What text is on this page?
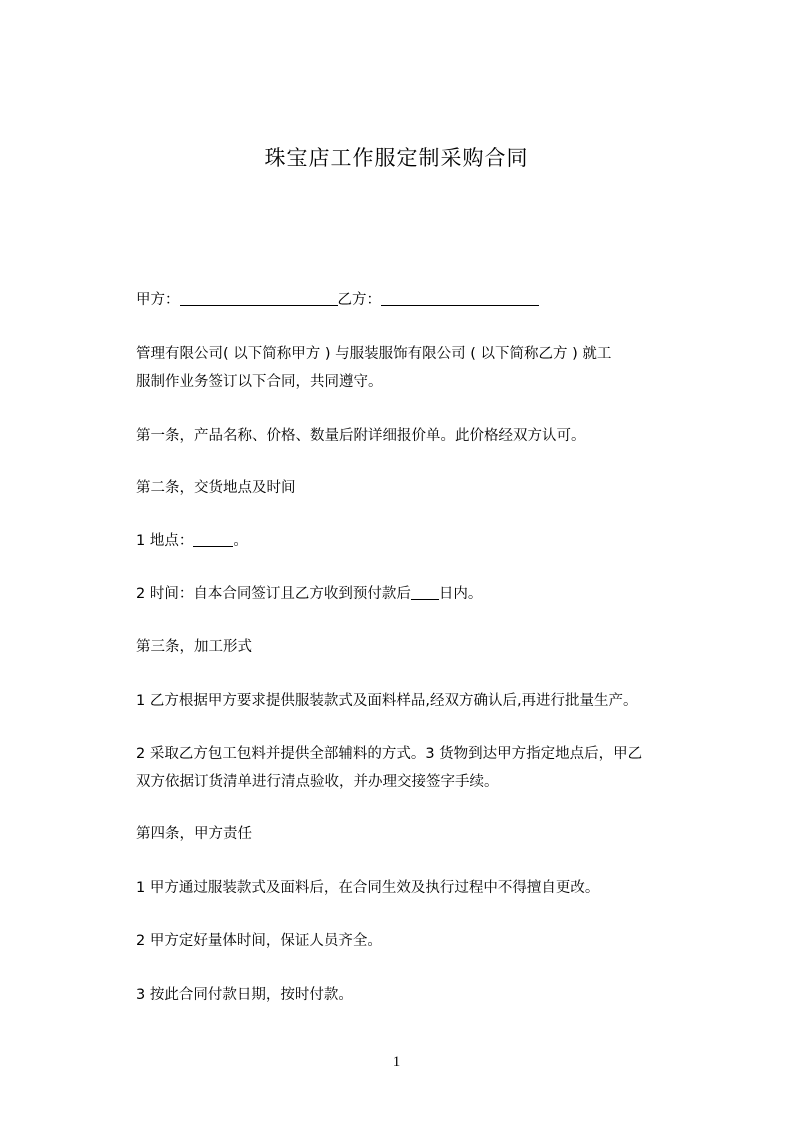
珠宝店工作服定制采购合同
甲方：	乙方：
管理有限公司( 以下简称甲方 ) 与服装服饰有限公司 ( 以下简称乙方 ) 就工
服制作业务签订以下合同，共同遵守。
第一条，产品名称、价格、数量后附详细报价单。此价格经双方认可。
第二条，交货地点及时间
1 地点：	。
2 时间：自本合同签订且乙方收到预付款后 日内。
第三条，加工形式
1 乙方根据甲方要求提供服装款式及面料样品,经双方确认后,再进行批量生产。
2 采取乙方包工包料并提供全部辅料的方式。3 货物到达甲方指定地点后，甲乙
双方依据订货清单进行清点验收，并办理交接签字手续。
第四条，甲方责任
1 甲方通过服装款式及面料后，在合同生效及执行过程中不得擅自更改。
2 甲方定好量体时间，保证人员齐全。
3 按此合同付款日期，按时付款。
1
